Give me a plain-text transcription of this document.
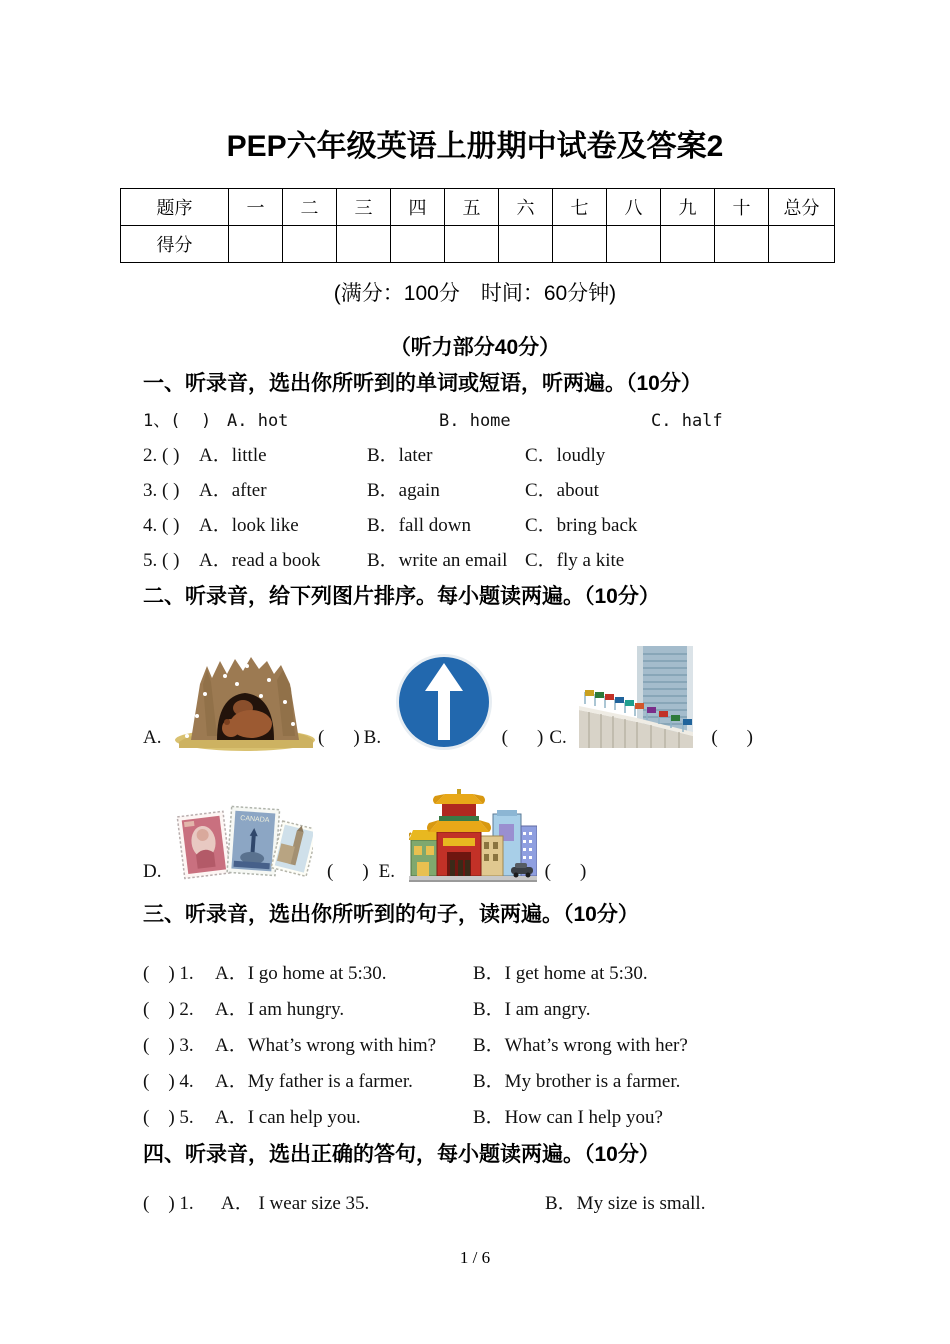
PEP六年级英语上册期中试卷及答案2
题序	一	二	三	四	五	六	七	八	九	十	总分
得分											

(满分：100分　时间：60分钟)

（听力部分40分）

一、听录音，选出你所听到的单词或短语，听两遍。（10分）
1、(  ) A. hot	B. home	C. half
2. ( ) A．little	B．later	C．loudly
3. ( ) A．after	B．again	C．about
4. ( ) A．look like	B．fall down	C．bring back
5. ( ) A．read a book	B．write an email C．fly a kite
二、听录音，给下列图片排序。每小题读两遍。（10分）
A.	(    ) B.	(    ) C.	(    )
D.
CANADA
(    ) E.	(    )
三、听录音，选出你所听到的句子，读两遍。（10分）
(    ) 1. A．I go home at 5:30.	B．I get home at 5:30.
(    ) 2. A．I am hungry.	B．I am angry.
(    ) 3. A．What’s wrong with him?	B．What’s wrong with her?
(    ) 4. A．My father is a farmer.	B．My brother is a farmer.
(    ) 5. A．I can help you.	B．How can I help you?
四、听录音，选出正确的答句，每小题读两遍。（10分）
(    ) 1.	A． I wear size 35.	B．My size is small.
1 / 6
